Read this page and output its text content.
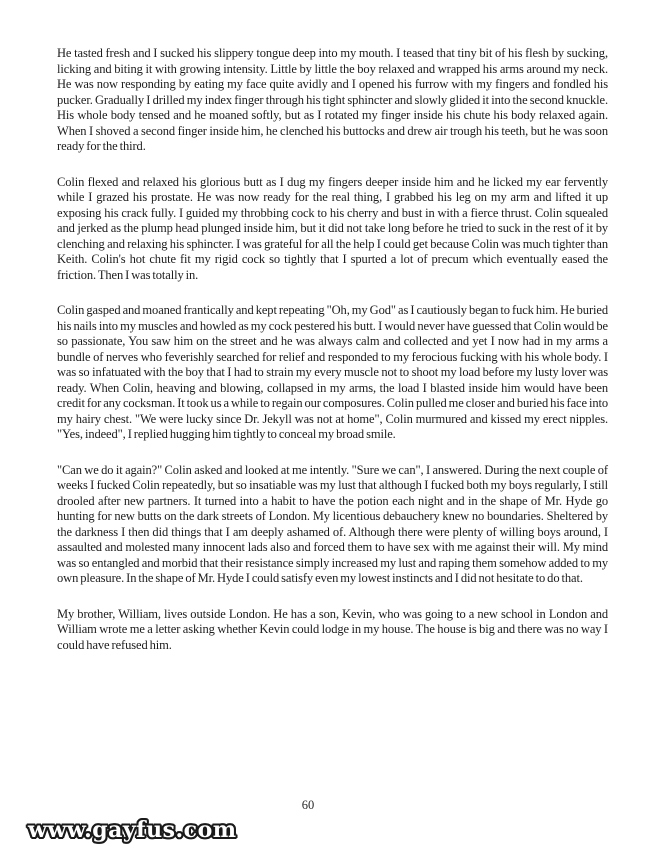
He tasted fresh and I sucked his slippery tongue deep into my mouth. I teased that tiny bit of his flesh by sucking, licking and biting it with growing intensity. Little by little the boy relaxed and wrapped his arms around my neck. He was now responding by eating my face quite avidly and I opened his furrow with my fingers and fondled his pucker. Gradually I drilled my index finger through his tight sphincter and slowly glided it into the second knuckle. His whole body tensed and he moaned softly, but as I rotated my finger inside his chute his body relaxed again. When I shoved a second finger inside him, he clenched his buttocks and drew air trough his teeth, but he was soon ready for the third.

Colin flexed and relaxed his glorious butt as I dug my fingers deeper inside him and he licked my ear fervently while I grazed his prostate. He was now ready for the real thing, I grabbed his leg on my arm and lifted it up exposing his crack fully. I guided my throbbing cock to his cherry and bust in with a fierce thrust. Colin squealed and jerked as the plump head plunged inside him, but it did not take long before he tried to suck in the rest of it by clenching and relaxing his sphincter. I was grateful for all the help I could get because Colin was much tighter than Keith. Colin's hot chute fit my rigid cock so tightly that I spurted a lot of precum which eventually eased the friction. Then I was totally in.

Colin gasped and moaned frantically and kept repeating "Oh, my God" as I cautiously began to fuck him. He buried his nails into my muscles and howled as my cock pestered his butt. I would never have guessed that Colin would be so passionate, You saw him on the street and he was always calm and collected and yet I now had in my arms a bundle of nerves who feverishly searched for relief and responded to my ferocious fucking with his whole body. I was so infatuated with the boy that I had to strain my every muscle not to shoot my load before my lusty lover was ready. When Colin, heaving and blowing, collapsed in my arms, the load I blasted inside him would have been credit for any cocksman. It took us a while to regain our composures. Colin pulled me closer and buried his face into my hairy chest. "We were lucky since Dr. Jekyll was not at home", Colin murmured and kissed my erect nipples. "Yes, indeed", I replied hugging him tightly to conceal my broad smile.

"Can we do it again?" Colin asked and looked at me intently. "Sure we can", I answered. During the next couple of weeks I fucked Colin repeatedly, but so insatiable was my lust that although I fucked both my boys regularly, I still drooled after new partners. It turned into a habit to have the potion each night and in the shape of Mr. Hyde go hunting for new butts on the dark streets of London. My licentious debauchery knew no boundaries. Sheltered by the darkness I then did things that I am deeply ashamed of. Although there were plenty of willing boys around, I assaulted and molested many innocent lads also and forced them to have sex with me against their will. My mind was so entangled and morbid that their resistance simply increased my lust and raping them somehow added to my own pleasure. In the shape of Mr. Hyde I could satisfy even my lowest instincts and I did not hesitate to do that.

My brother, William, lives outside London. He has a son, Kevin, who was going to a new school in London and William wrote me a letter asking whether Kevin could lodge in my house. The house is big and there was no way I could have refused him.

60
www.gayfus.com
